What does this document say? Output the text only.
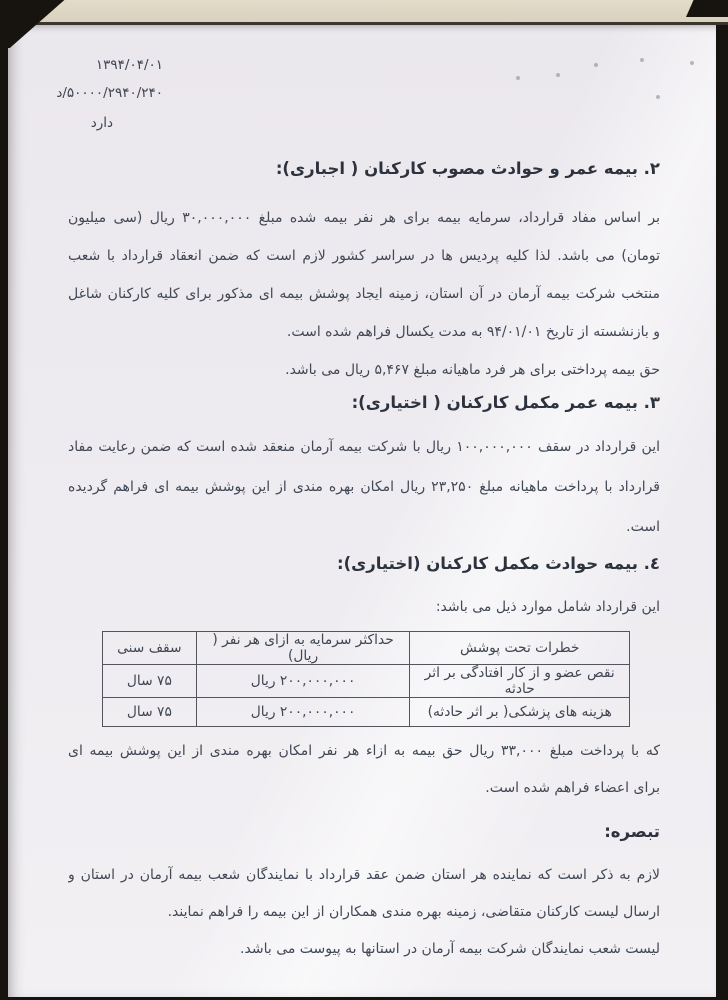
۱۳۹۴/۰۴/۰۱
د/۵۰۰۰۰/۲۹۴۰/۲۴۰
دارد
۲. بیمه عمر و حوادث مصوب کارکنان ( اجباری):
بر اساس مفاد قرارداد، سرمایه بیمه برای هر نفر بیمه شده مبلغ ۳۰,۰۰۰,۰۰۰ ریال (سی میلیون
تومان) می باشد. لذا کلیه پردیس ها در سراسر کشور لازم است که ضمن انعقاد قرارداد با شعب
منتخب شرکت بیمه آرمان در آن استان، زمینه ایجاد پوشش بیمه ای مذکور برای کلیه کارکنان شاغل
و بازنشسته از تاریخ ۹۴/۰۱/۰۱ به مدت یکسال فراهم شده است.
حق بیمه پرداختی برای هر فرد ماهیانه مبلغ ۵,۴۶۷ ریال می باشد.
۳. بیمه عمر مکمل کارکنان ( اختیاری):
این قرارداد در سقف ۱۰۰,۰۰۰,۰۰۰ ریال با شرکت بیمه آرمان منعقد شده است که ضمن رعایت مفاد
قرارداد با پرداخت ماهیانه مبلغ ۲۳,۲۵۰ ریال امکان بهره مندی از این پوشش بیمه ای فراهم گردیده
است.
٤. بیمه حوادث مکمل کارکنان (اختیاری):
این قرارداد شامل موارد ذیل می باشد:
خطرات تحت پوشش	حداکثر سرمایه به ازای هر نفر ( ریال)	سقف سنی
نقص عضو و از کار افتادگی بر اثر حادثه	۲۰۰,۰۰۰,۰۰۰ ریال	۷۵ سال
هزینه های پزشکی( بر اثر حادثه)	۲۰۰,۰۰۰,۰۰۰ ریال	۷۵ سال
که با پرداخت مبلغ ۳۳,۰۰۰ ریال حق بیمه به ازاء هر نفر امکان بهره مندی از این پوشش بیمه ای
برای اعضاء فراهم شده است.
تبصره:
لازم به ذکر است که نماینده هر استان ضمن عقد قرارداد با نمایندگان شعب بیمه آرمان در استان و
ارسال لیست کارکنان متقاضی، زمینه بهره مندی همکاران از این بیمه را فراهم نمایند.
لیست شعب نمایندگان شرکت بیمه آرمان در استانها به پیوست می باشد.
